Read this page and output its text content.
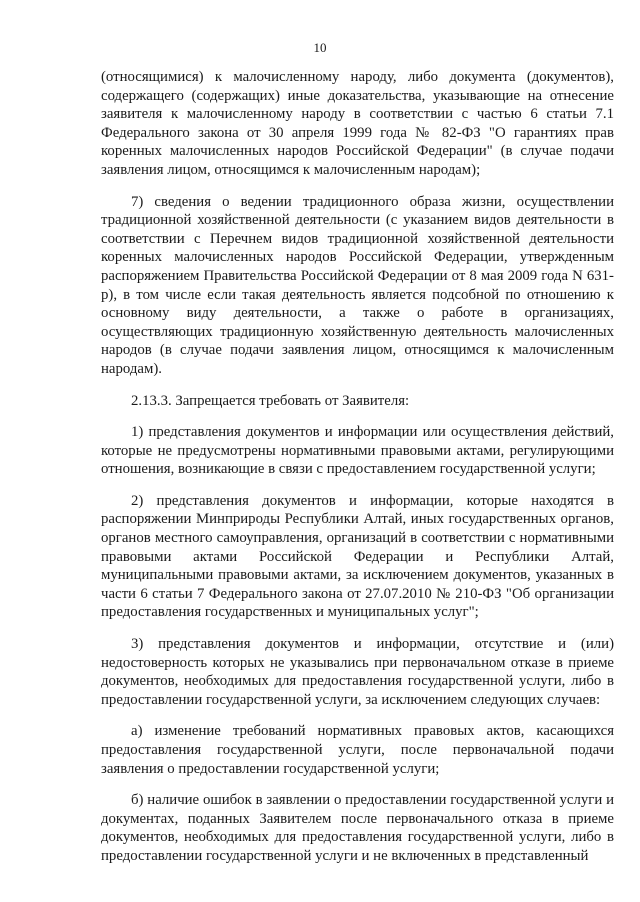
10

(относящимися) к малочисленному народу, либо документа (документов), содержащего (содержащих) иные доказательства, указывающие на отнесение заявителя к малочисленному народу в соответствии с частью 6 статьи 7.1 Федерального закона от 30 апреля 1999 года № 82-ФЗ "О гарантиях прав коренных малочисленных народов Российской Федерации" (в случае подачи заявления лицом, относящимся к малочисленным народам);

7) сведения о ведении традиционного образа жизни, осуществлении традиционной хозяйственной деятельности (с указанием видов деятельности в соответствии с Перечнем видов традиционной хозяйственной деятельности коренных малочисленных народов Российской Федерации, утвержденным распоряжением Правительства Российской Федерации от 8 мая 2009 года N 631-р), в том числе если такая деятельность является подсобной по отношению к основному виду деятельности, а также о работе в организациях, осуществляющих традиционную хозяйственную деятельность малочисленных народов (в случае подачи заявления лицом, относящимся к малочисленным народам).

2.13.3. Запрещается требовать от Заявителя:

1) представления документов и информации или осуществления действий, которые не предусмотрены нормативными правовыми актами, регулирующими отношения, возникающие в связи с предоставлением государственной услуги;

2) представления документов и информации, которые находятся в распоряжении Минприроды Республики Алтай, иных государственных органов, органов местного самоуправления, организаций в соответствии с нормативными правовыми актами Российской Федерации и Республики Алтай, муниципальными правовыми актами, за исключением документов, указанных в части 6 статьи 7 Федерального закона от 27.07.2010 № 210-ФЗ "Об организации предоставления государственных и муниципальных услуг";

3) представления документов и информации, отсутствие и (или) недостоверность которых не указывались при первоначальном отказе в приеме документов, необходимых для предоставления государственной услуги, либо в предоставлении государственной услуги, за исключением следующих случаев:

а) изменение требований нормативных правовых актов, касающихся предоставления государственной услуги, после первоначальной подачи заявления о предоставлении государственной услуги;

б) наличие ошибок в заявлении о предоставлении государственной услуги и документах, поданных Заявителем после первоначального отказа в приеме документов, необходимых для предоставления государственной услуги, либо в предоставлении государственной услуги и не включенных в представленный
